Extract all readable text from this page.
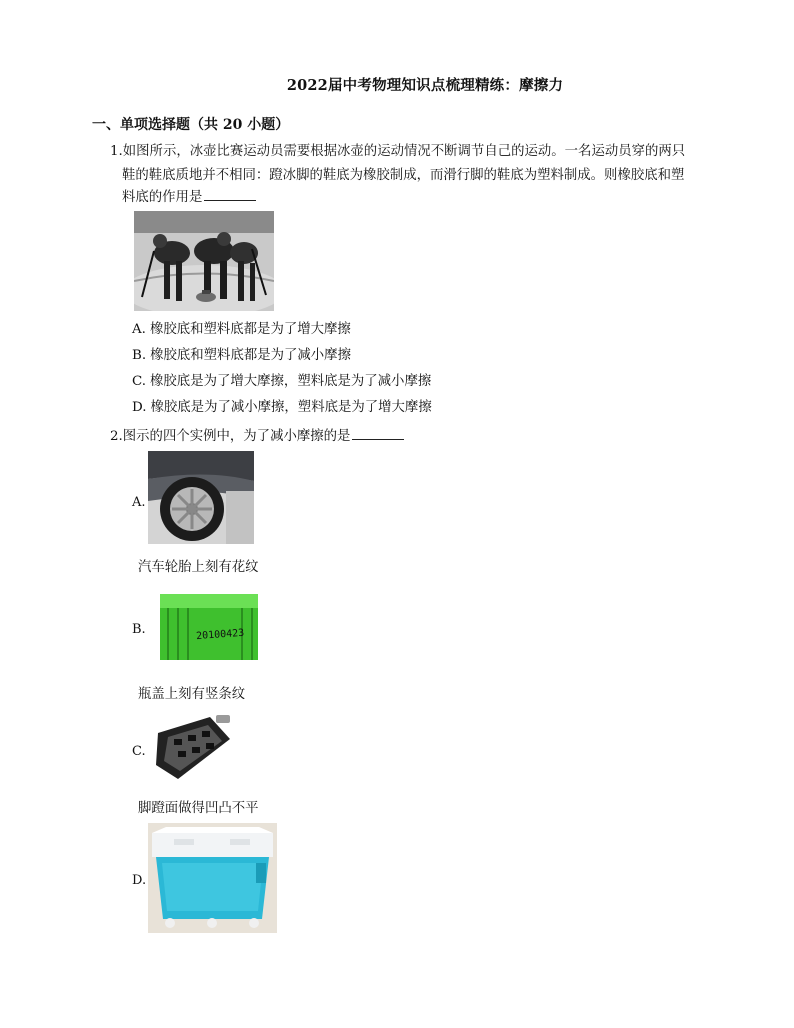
2022届中考物理知识点梳理精练：摩擦力
一、单项选择题（共 20 小题）
1.如图所示，冰壶比赛运动员需要根据冰壶的运动情况不断调节自己的运动。一名运动员穿的两只
鞋的鞋底质地并不相同：蹬冰脚的鞋底为橡胶制成，而滑行脚的鞋底为塑料制成。则橡胶底和塑
料底的作用是
A. 橡胶底和塑料底都是为了增大摩擦
B. 橡胶底和塑料底都是为了减小摩擦
C. 橡胶底是为了增大摩擦，塑料底是为了减小摩擦
D. 橡胶底是为了减小摩擦，塑料底是为了增大摩擦
2.图示的四个实例中，为了减小摩擦的是
A.
汽车轮胎上刻有花纹
B.	20100423
瓶盖上刻有竖条纹
C.
脚蹬面做得凹凸不平
D.
